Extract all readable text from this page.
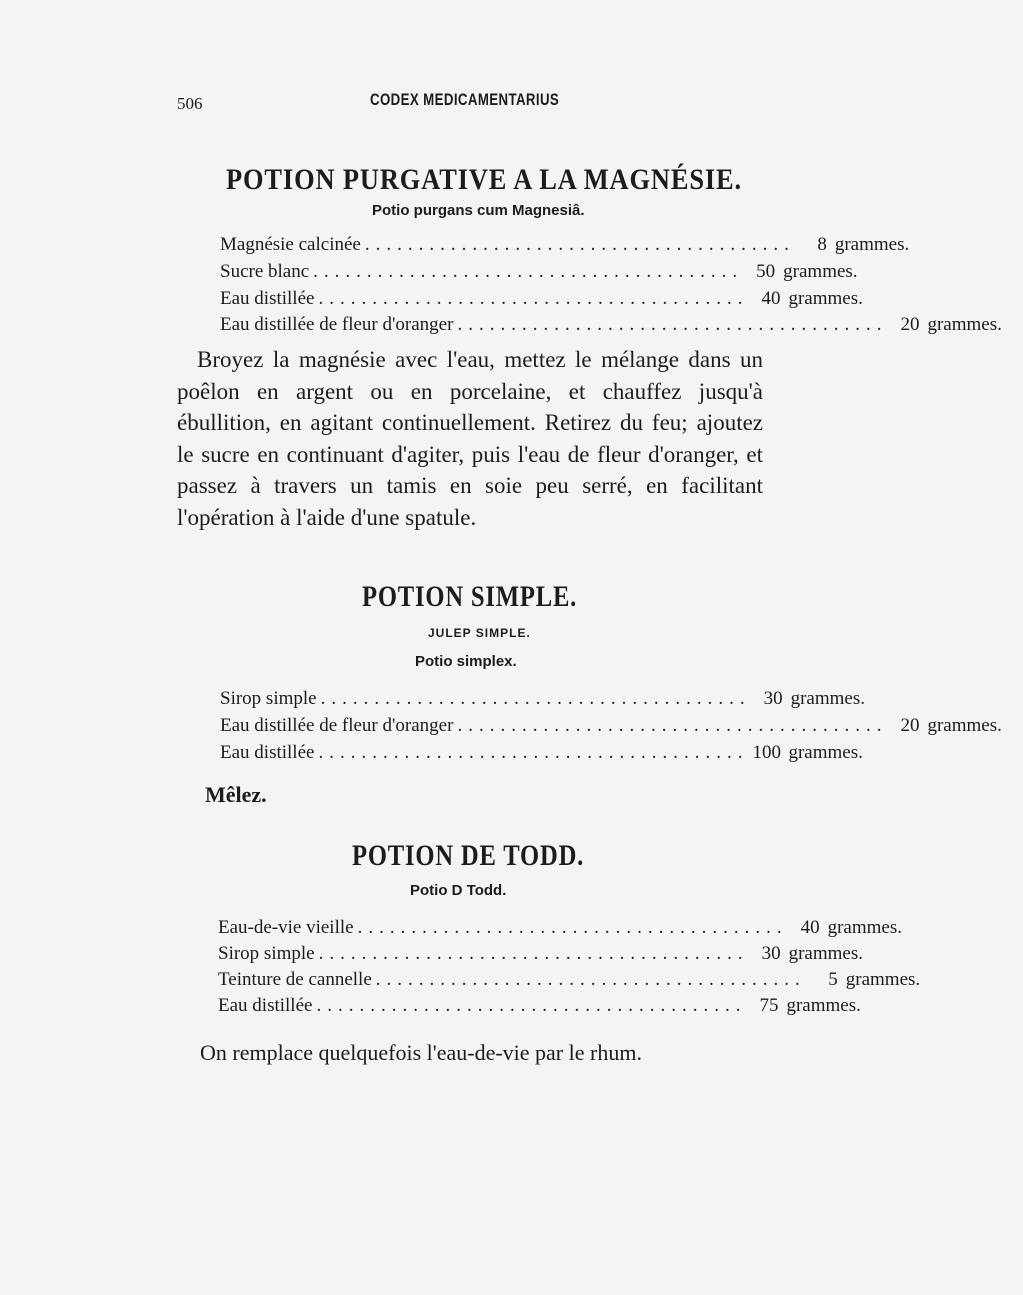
506	CODEX MEDICAMENTARIUS
POTION PURGATIVE A LA MAGNÉSIE.
Potio purgans cum Magnesiâ.
Magnésie calcinée ........................................	8 grammes.
Sucre blanc ........................................ 50 grammes.
Eau distillée ........................................ 40 grammes.
Eau distillée de fleur d'oranger ........................................ 20 grammes.

Broyez la magnésie avec l'eau, mettez le mélange dans un poêlon en argent ou en porcelaine, et chauffez jusqu'à ébullition, en agitant continuellement. Retirez du feu; ajoutez le sucre en continuant d'agiter, puis l'eau de fleur d'oranger, et passez à travers un tamis en soie peu serré, en facilitant l'opération à l'aide d'une spatule.

POTION SIMPLE.
JULEP SIMPLE.
Potio simplex.
Sirop simple ........................................ 30 grammes.
Eau distillée de fleur d'oranger ........................................ 20 grammes.
Eau distillée ........................................ 100 grammes.
Mêlez.
POTION DE TODD.
Potio D Todd.
Eau-de-vie vieille ........................................ 40 grammes.
Sirop simple ........................................ 30 grammes.
Teinture de cannelle ........................................	5 grammes.
Eau distillée ........................................ 75 grammes.
On remplace quelquefois l'eau-de-vie par le rhum.
